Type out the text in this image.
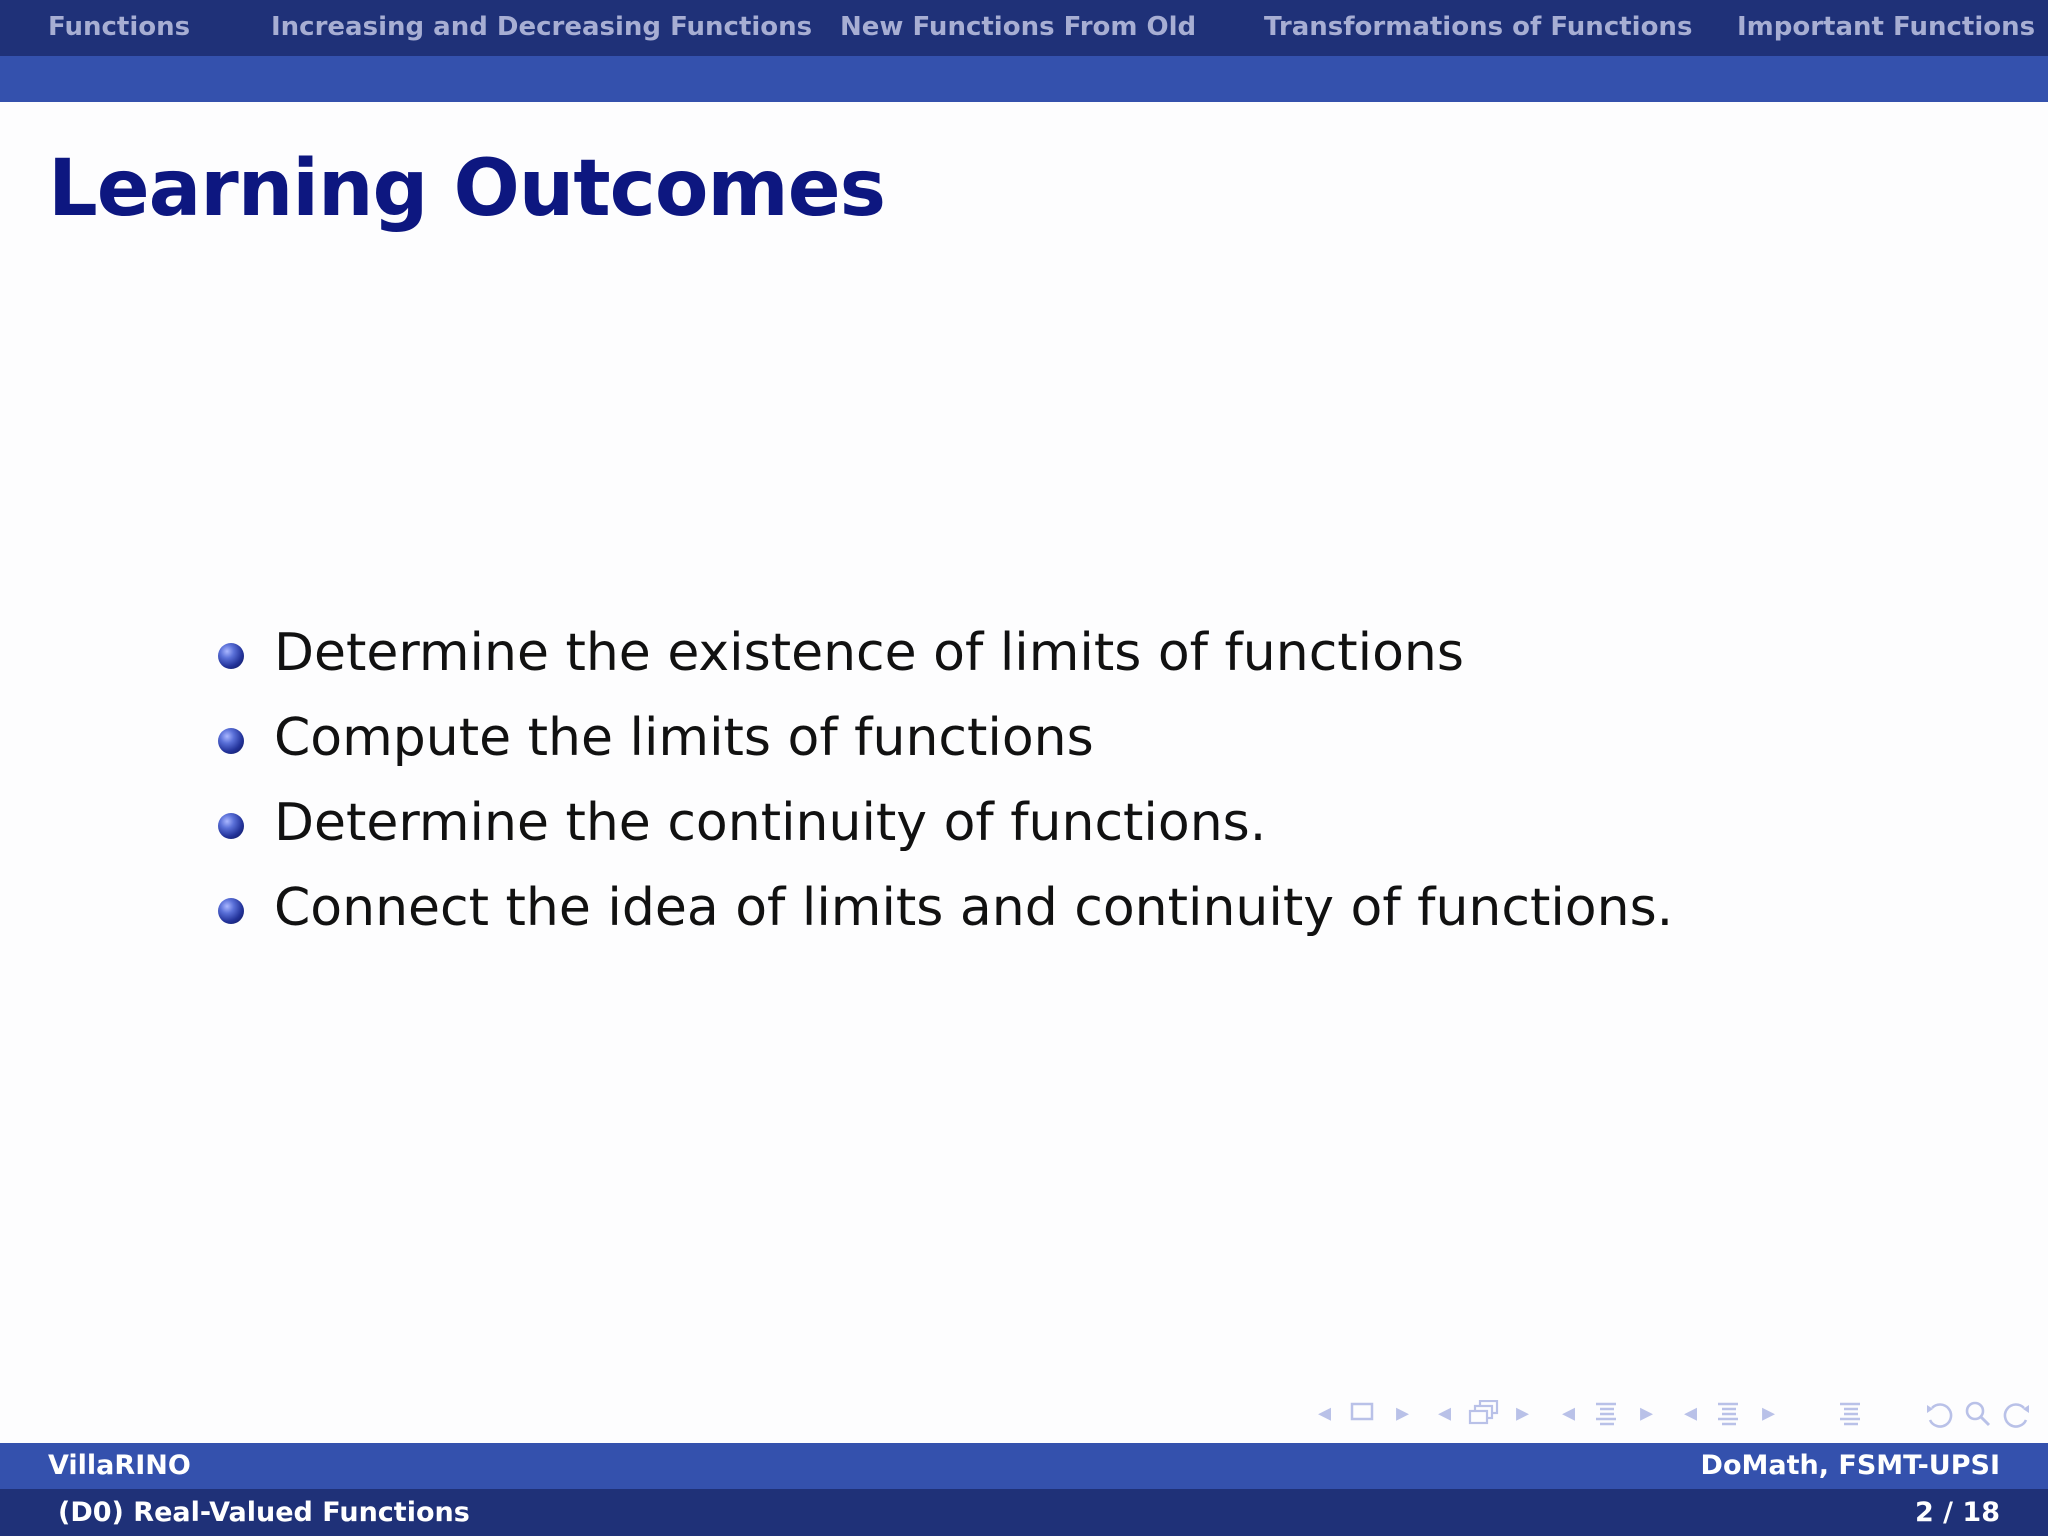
Functions	Increasing and Decreasing Functions New Functions From Old	Transformations of Functions Important Functions
Learning Outcomes
Determine the existence of limits of functions
Compute the limits of functions
Determine the continuity of functions.
Connect the idea of limits and continuity of functions.
◂ ▸ ◂ ▸ ◂ ▸ ◂ ▸
VillaRINO	DoMath, FSMT-UPSI
(D0) Real-Valued Functions	2 / 18
